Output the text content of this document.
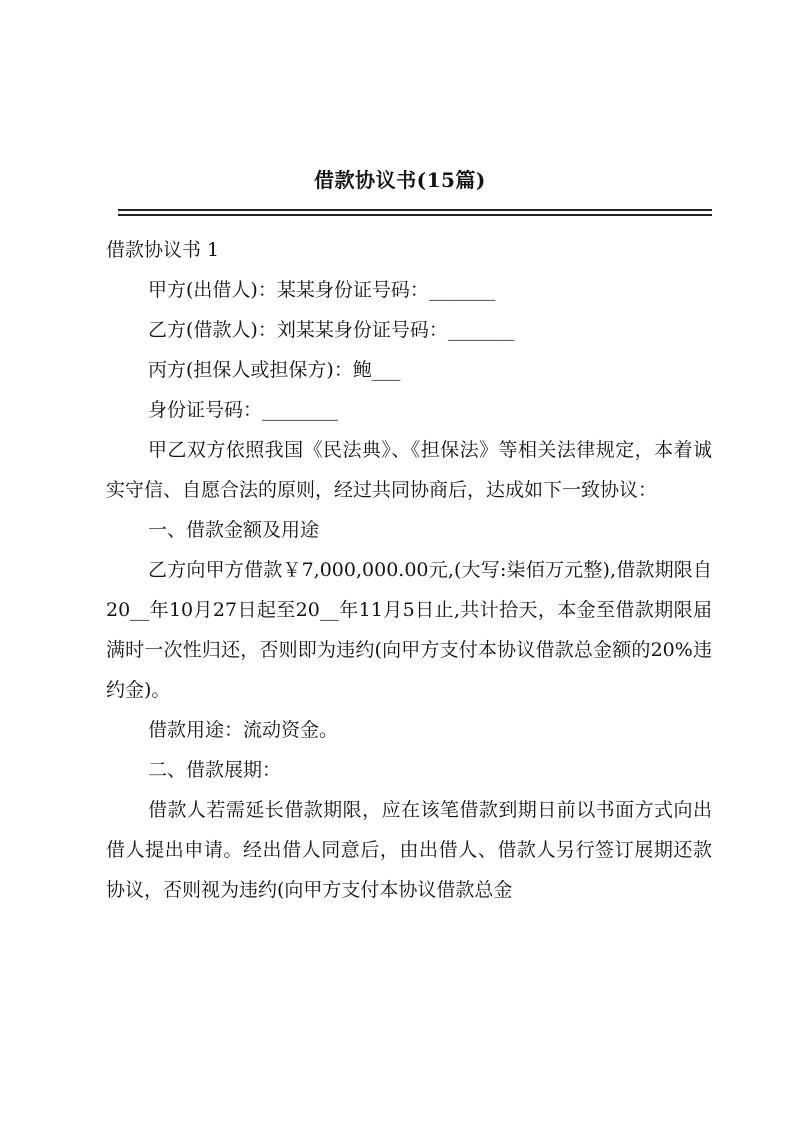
借款协议书(15篇)

借款协议书 1

甲方(出借人)：某某身份证号码：_______

乙方(借款人)：刘某某身份证号码：_______

丙方(担保人或担保方)：鲍___

身份证号码：________

甲乙双方依照我国《民法典》、《担保法》等相关法律规定，本着诚实守信、自愿合法的原则，经过共同协商后，达成如下一致协议：

一、借款金额及用途

乙方向甲方借款￥7,000,000.00元,(大写:柒佰万元整),借款期限自20__年10月27日起至20__年11月5日止,共计拾天，本金至借款期限届满时一次性归还，否则即为违约(向甲方支付本协议借款总金额的20%违约金)。

借款用途：流动资金。

二、借款展期：

借款人若需延长借款期限，应在该笔借款到期日前以书面方式向出借人提出申请。经出借人同意后，由出借人、借款人另行签订展期还款协议，否则视为违约(向甲方支付本协议借款总金
